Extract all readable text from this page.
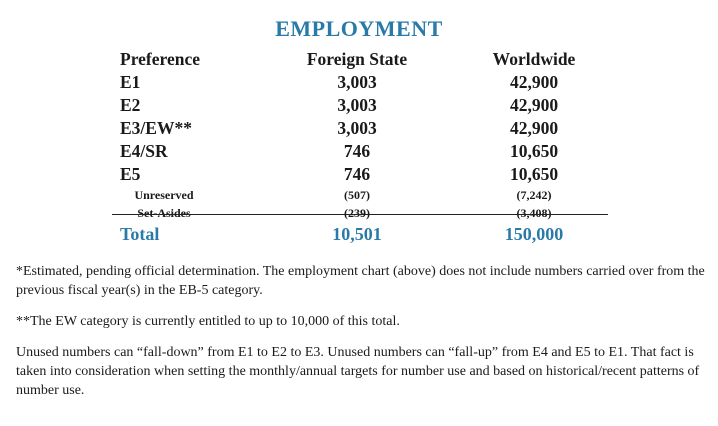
EMPLOYMENT
Preference	Foreign State	Worldwide
E1	3,003	42,900
E2	3,003	42,900
E3/EW**	3,003	42,900
E4/SR	746	10,650
E5	746	10,650
Unreserved	(507)	(7,242)
Set-Asides	(239)	(3,408)
Total	10,501	150,000

*Estimated, pending official determination. The employment chart (above) does not include numbers carried over from the previous fiscal year(s) in the EB-5 category.

**The EW category is currently entitled to up to 10,000 of this total.

Unused numbers can “fall-down” from E1 to E2 to E3. Unused numbers can “fall-up” from E4 and E5 to E1. That fact is taken into consideration when setting the monthly/annual targets for number use and based on historical/recent patterns of number use.
